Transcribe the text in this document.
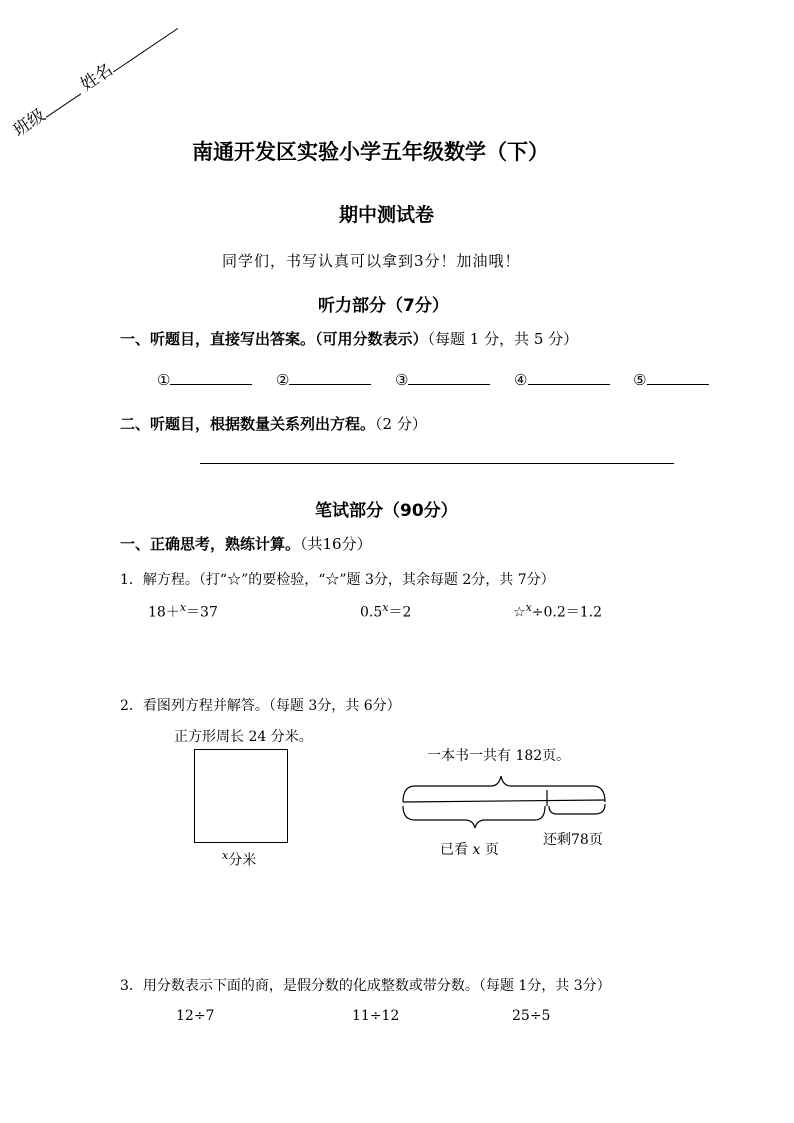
班级 姓名
南通开发区实验小学五年级数学（下）
期中测试卷
同学们，书写认真可以拿到3分！加油哦！
听力部分（7分）
一、听题目，直接写出答案。（可用分数表示）（每题 1 分，共 5 分）
①	②	③	④	⑤
二、听题目，根据数量关系列出方程。（2 分）
笔试部分（90分）
一、正确思考，熟练计算。（共16分）
1．解方程。（打“☆”的要检验，“☆”题 3分，其余每题 2分，共 7分）
18＋$^x$＝37	$0.5^x=2$	☆$^x$÷0.2＝1.2
2．看图列方程并解答。（每题 3分，共 6分）
正方形周长 24 分米。
$^x$分米
一本书一共有 182页。
已看 x 页
还剩78页
3．用分数表示下面的商，是假分数的化成整数或带分数。（每题 1分，共 3分）
12÷7	11÷12	25÷5
